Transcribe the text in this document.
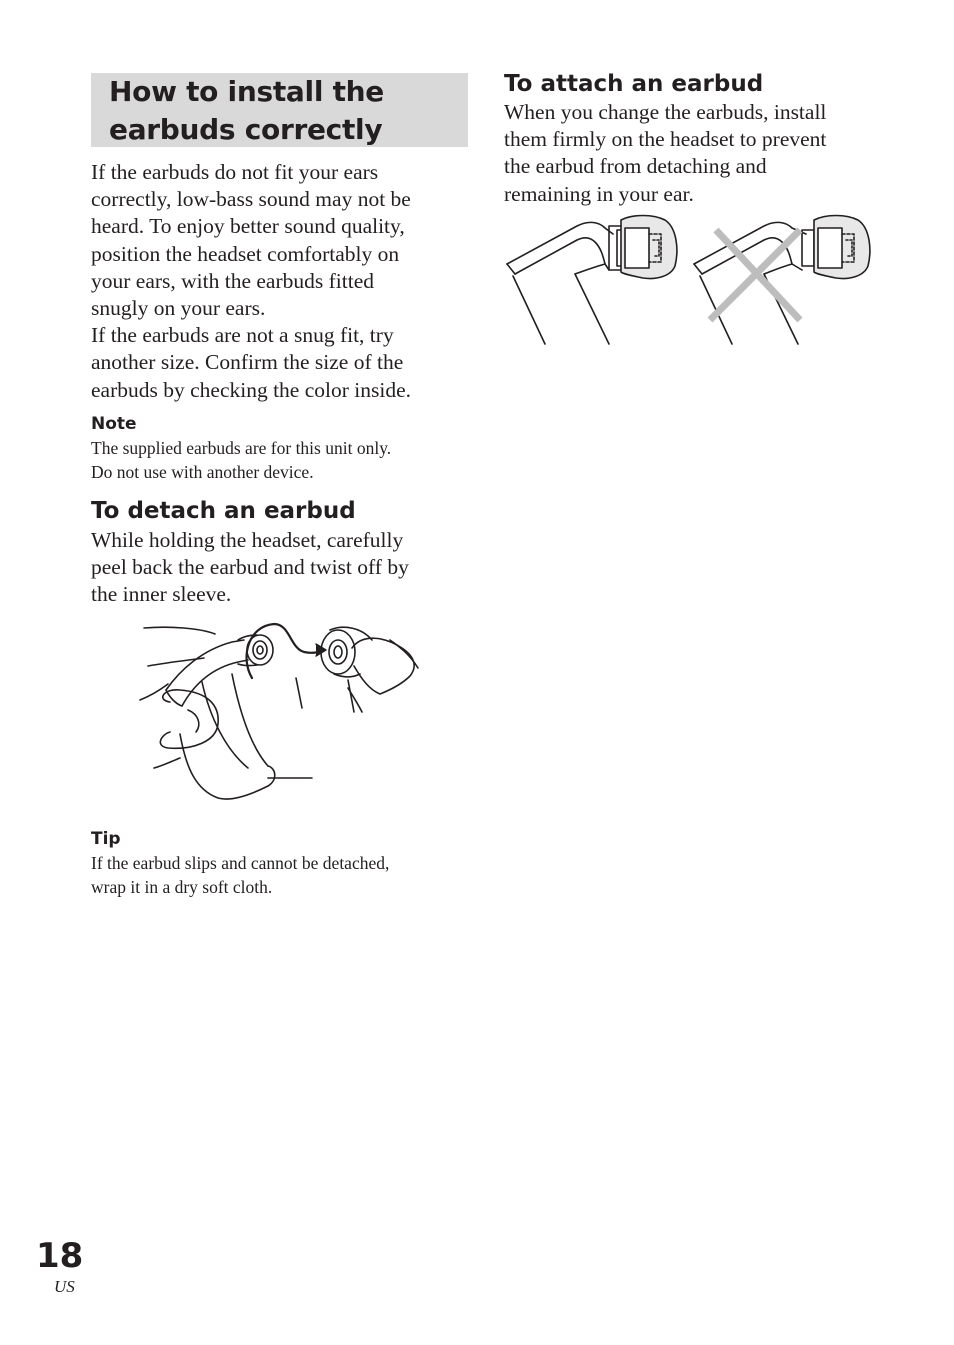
How to install the
earbuds correctly

If the earbuds do not fit your ears
correctly, low-bass sound may not be
heard. To enjoy better sound quality,
position the headset comfortably on
your ears, with the earbuds fitted
snugly on your ears.
If the earbuds are not a snug fit, try
another size. Confirm the size of the
earbuds by checking the color inside.

Note

The supplied earbuds are for this unit only.
Do not use with another device.

To detach an earbud

While holding the headset, carefully
peel back the earbud and twist off by
the inner sleeve.

Tip

If the earbud slips and cannot be detached,
wrap it in a dry soft cloth.

To attach an earbud

When you change the earbuds, install
them firmly on the headset to prevent
the earbud from detaching and
remaining in your ear.

18
US
